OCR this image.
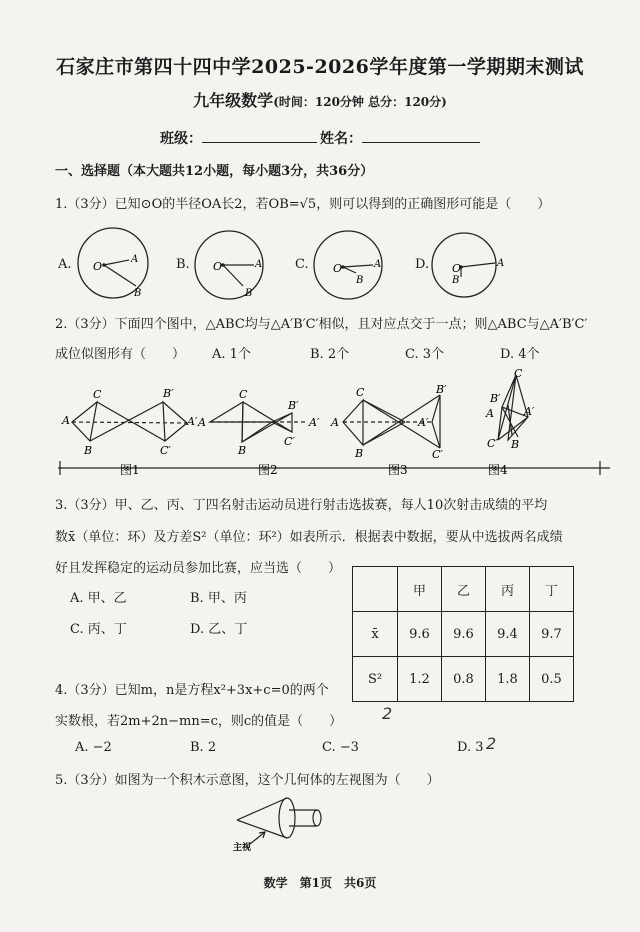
石家庄市第四十四中学2025-2026学年度第一学期期末测试
九年级数学(时间：120分钟 总分：120分)
班级：	姓名：
一、选择题（本大题共12小题，每小题3分，共36分）
1.（3分）已知⊙O的半径OA长2，若OB=√5，则可以得到的正确图形可能是（　　）
A.	B.	C.	D.
O
A
B
O	A
B
O	A
B
O	A
B
2.（3分）下面四个图中，△ABC均与△A′B′C′相似，且对应点交于一点；则△ABC与△A′B′C′
成位似图形有（　　） A. 1个	B. 2个	C. 3个	D. 4个
A
C
B
B′
A′
C′
A
C
B
B′
A′
C′
A
C
B
B′
A′
C′
C
B′
A	A′
C′ B
图1	图2	图3	图4
3.（3分）甲、乙、丙、丁四名射击运动员进行射击选拔赛，每人10次射击成绩的平均
数x̄（单位：环）及方差S²（单位：环²）如表所示．根据表中数据，要从中选拔两名成绩
好且发挥稳定的运动员参加比赛，应当选（　　）
A. 甲、乙	B. 甲、丙
C. 丙、丁	D. 乙、丁
	甲	乙	丙	丁
x̄	9.6	9.6	9.4	9.7
S²	1.2	0.8	1.8	0.5
4.（3分）已知m，n是方程x²+3x+c=0的两个
实数根，若2m+2n−mn=c，则c的值是（　　） 2
A. −2	B. 2	C. −3	D. 3 2
5.（3分）如图为一个积木示意图，这个几何体的左视图为（　　）
主视
数学　第1页　共6页
